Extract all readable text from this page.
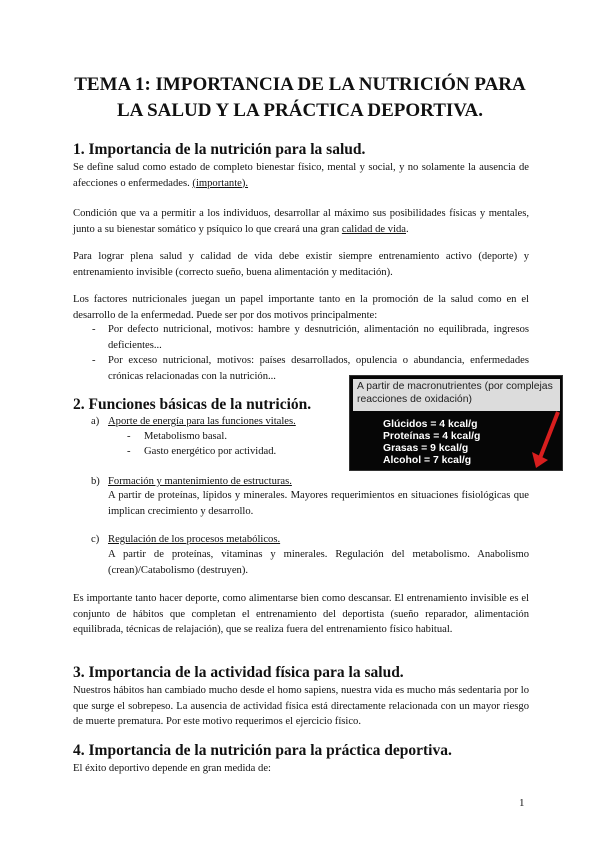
TEMA 1: IMPORTANCIA DE LA NUTRICIÓN PARA
LA SALUD Y LA PRÁCTICA DEPORTIVA.
1. Importancia de la nutrición para la salud.

Se define salud como estado de completo bienestar físico, mental y social, y no solamente la ausencia de afecciones o enfermedades. (importante).

Condición que va a permitir a los individuos, desarrollar al máximo sus posibilidades físicas y mentales, junto a su bienestar somático y psíquico lo que creará una gran calidad de vida.

Para lograr plena salud y calidad de vida debe existir siempre entrenamiento activo (deporte) y entrenamiento invisible (correcto sueño, buena alimentación y meditación).

Los factores nutricionales juegan un papel importante tanto en la promoción de la salud como en el desarrollo de la enfermedad. Puede ser por dos motivos principalmente:

- Por defecto nutricional, motivos: hambre y desnutrición, alimentación no equilibrada, ingresos deficientes...
- Por exceso nutricional, motivos: países desarrollados, opulencia o abundancia, enfermedades crónicas relacionadas con la nutrición...
A partir de macronutrientes (por complejas reacciones de oxidación)
Glúcidos = 4 kcal/g
Proteínas = 4 kcal/g
Grasas = 9 kcal/g
Alcohol = 7 kcal/g
2. Funciones básicas de la nutrición.
a) Aporte de energía para las funciones vitales.
- Metabolismo basal.
- Gasto energético por actividad.
b) Formación y mantenimiento de estructuras.
A partir de proteínas, lípidos y minerales. Mayores requerimientos en situaciones fisiológicas que implican crecimiento y desarrollo.
c) Regulación de los procesos metabólicos.
A partir de proteínas, vitaminas y minerales. Regulación del metabolismo. Anabolismo (crean)/Catabolismo (destruyen).

Es importante tanto hacer deporte, como alimentarse bien como descansar. El entrenamiento invisible es el conjunto de hábitos que completan el entrenamiento del deportista (sueño reparador, alimentación equilibrada, técnicas de relajación), que se realiza fuera del entrenamiento físico habitual.

3. Importancia de la actividad física para la salud.

Nuestros hábitos han cambiado mucho desde el homo sapiens, nuestra vida es mucho más sedentaria por lo que surge el sobrepeso. La ausencia de actividad física está directamente relacionada con un mayor riesgo de muerte prematura. Por este motivo requerimos el ejercicio físico.

4. Importancia de la nutrición para la práctica deportiva.

El éxito deportivo depende en gran medida de:

1
